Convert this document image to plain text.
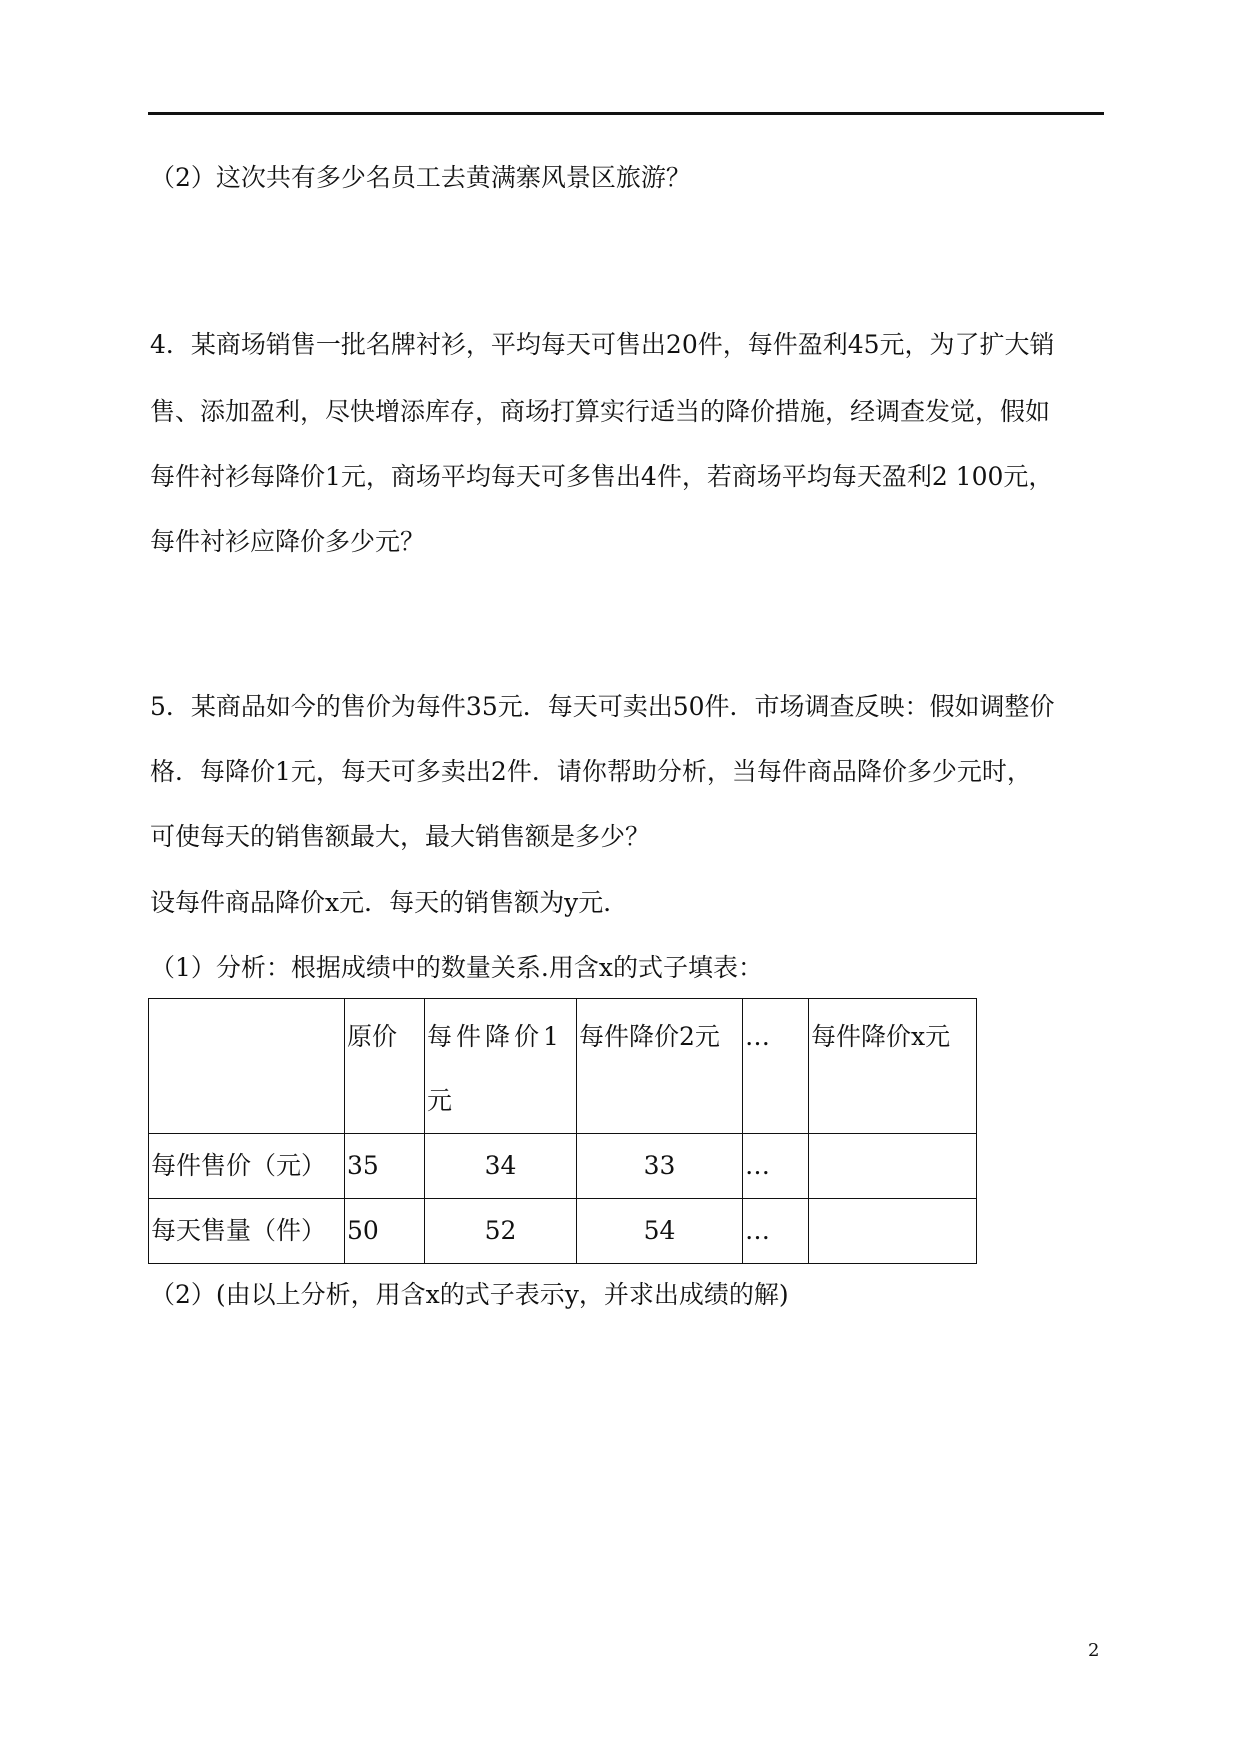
（2）这次共有多少名员工去黄满寨风景区旅游？
4．某商场销售一批名牌衬衫，平均每天可售出20件，每件盈利45元，为了扩大销
售、添加盈利，尽快增添库存，商场打算实行适当的降价措施，经调查发觉，假如
每件衬衫每降价1元，商场平均每天可多售出4件，若商场平均每天盈利2 100元，
每件衬衫应降价多少元？
5．某商品如今的售价为每件35元．每天可卖出50件．市场调查反映：假如调整价
格．每降价1元，每天可多卖出2件．请你帮助分析，当每件商品降价多少元时，
可使每天的销售额最大，最大销售额是多少？
设每件商品降价x元．每天的销售额为y元．
（1）分析：根据成绩中的数量关系.用含x的式子填表：
	原价	每件降价1元	每件降价2元	…	每件降价x元
每件售价（元）	35	34	33	…	
每天售量（件）	50	52	54	…	
（2）(由以上分析，用含x的式子表示y，并求出成绩的解)
2
